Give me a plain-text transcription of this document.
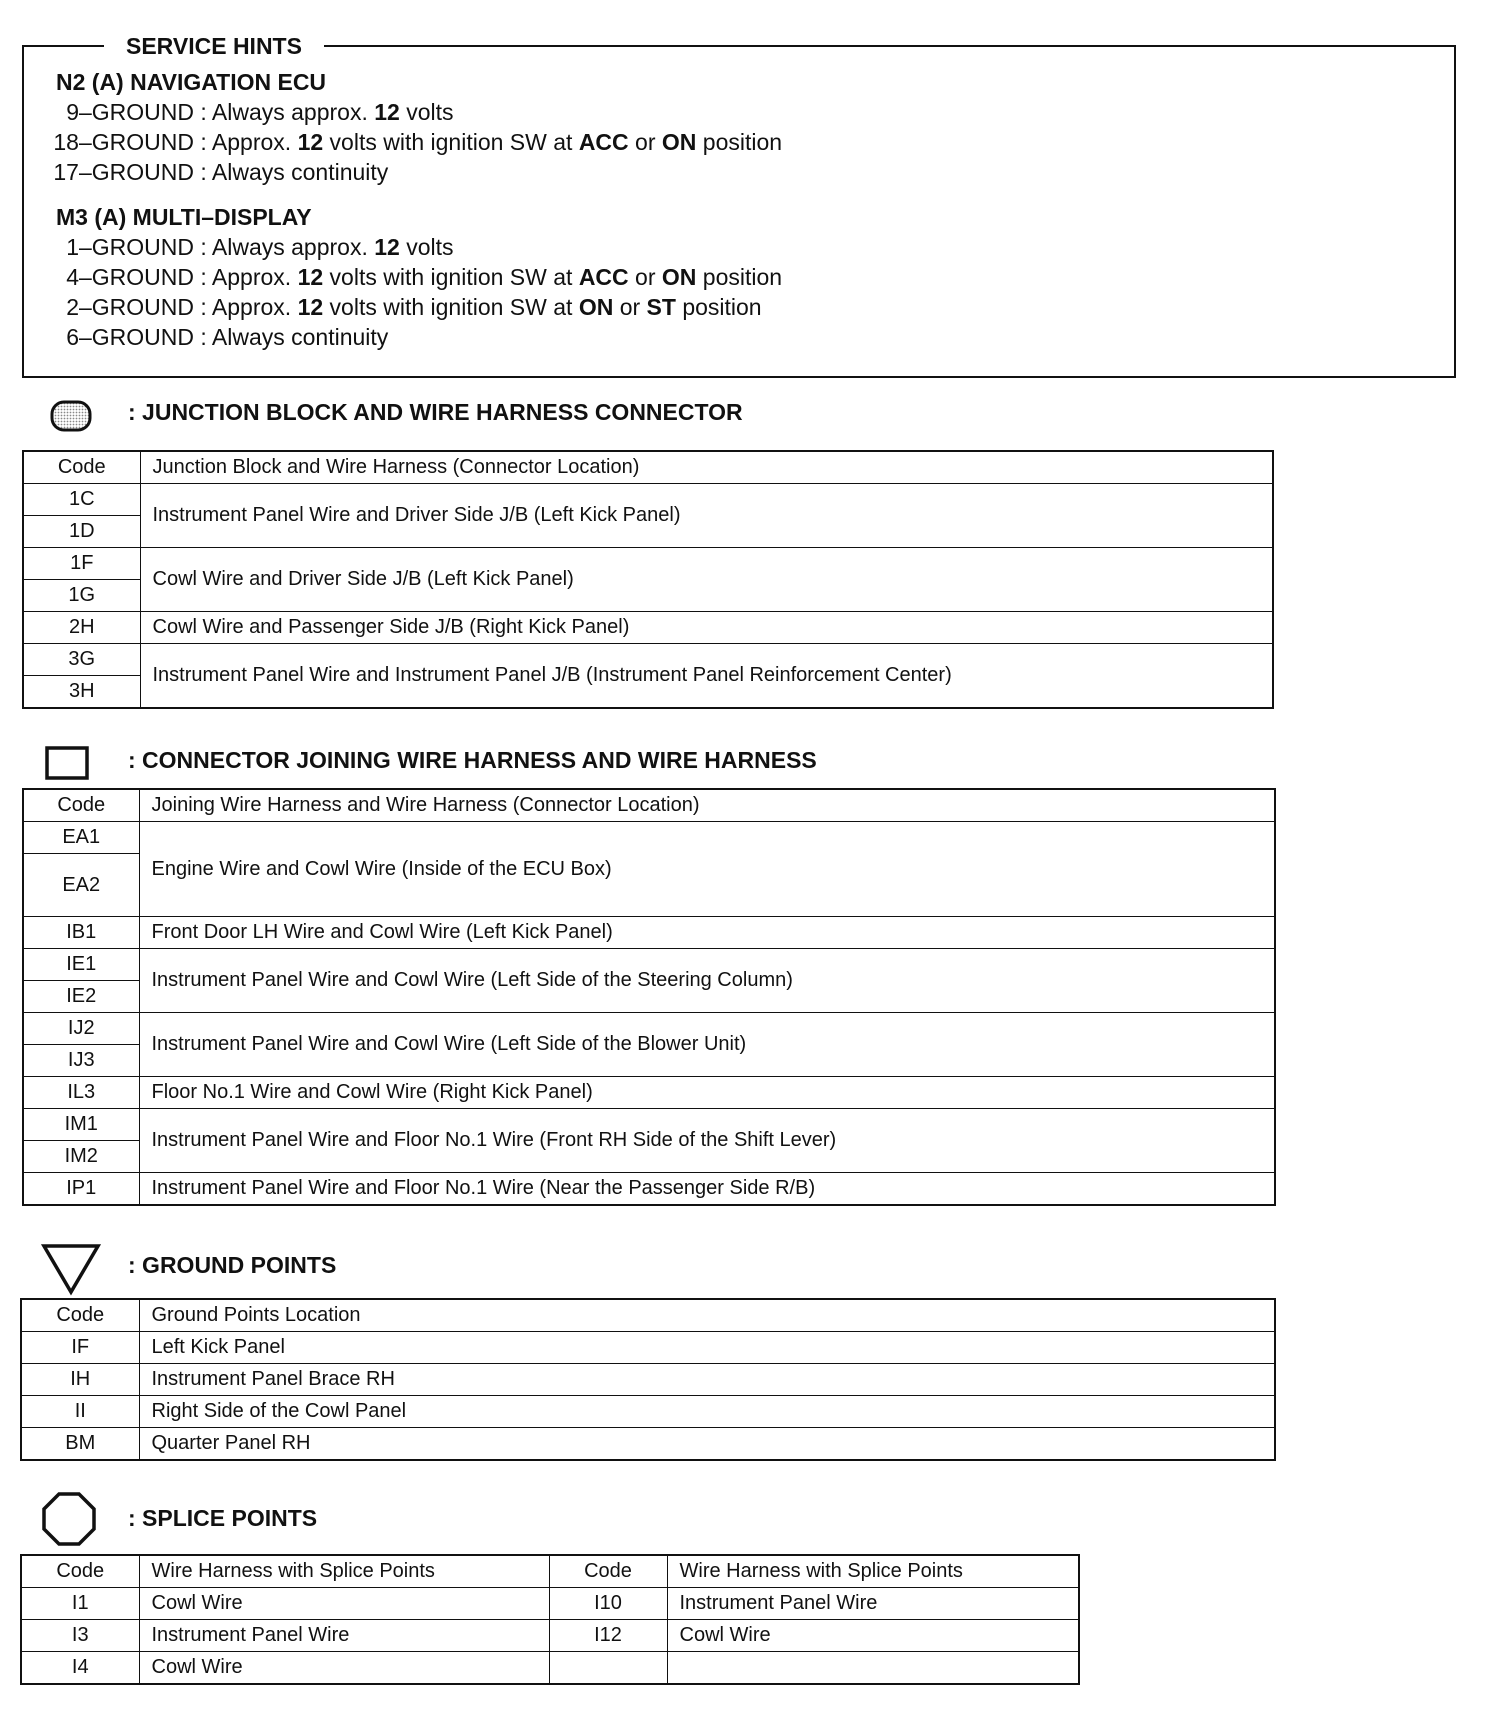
SERVICE HINTS
N2 (A) NAVIGATION ECU
9–GROUND : Always approx. 12 volts
18–GROUND : Approx. 12 volts with ignition SW at ACC or ON position
17–GROUND : Always continuity
M3 (A) MULTI–DISPLAY
1–GROUND : Always approx. 12 volts
4–GROUND : Approx. 12 volts with ignition SW at ACC or ON position
2–GROUND : Approx. 12 volts with ignition SW at ON or ST position
6–GROUND : Always continuity
: JUNCTION BLOCK AND WIRE HARNESS CONNECTOR
Code	Junction Block and Wire Harness (Connector Location)
1C	Instrument Panel Wire and Driver Side J/B (Left Kick Panel)
1D	
1F	Cowl Wire and Driver Side J/B (Left Kick Panel)
1G	
2H	Cowl Wire and Passenger Side J/B (Right Kick Panel)
3G	Instrument Panel Wire and Instrument Panel J/B (Instrument Panel Reinforcement Center)
3H	
: CONNECTOR JOINING WIRE HARNESS AND WIRE HARNESS
Code	Joining Wire Harness and Wire Harness (Connector Location)
EA1	Engine Wire and Cowl Wire (Inside of the ECU Box)
EA2	
IB1	Front Door LH Wire and Cowl Wire (Left Kick Panel)
IE1	Instrument Panel Wire and Cowl Wire (Left Side of the Steering Column)
IE2	
IJ2	Instrument Panel Wire and Cowl Wire (Left Side of the Blower Unit)
IJ3	
IL3	Floor No.1 Wire and Cowl Wire (Right Kick Panel)
IM1	Instrument Panel Wire and Floor No.1 Wire (Front RH Side of the Shift Lever)
IM2	
IP1	Instrument Panel Wire and Floor No.1 Wire (Near the Passenger Side R/B)
: GROUND POINTS
Code	Ground Points Location
IF	Left Kick Panel
IH	Instrument Panel Brace RH
II	Right Side of the Cowl Panel
BM	Quarter Panel RH
: SPLICE POINTS
Code	Wire Harness with Splice Points	Code	Wire Harness with Splice Points
I1	Cowl Wire	I10	Instrument Panel Wire
I3	Instrument Panel Wire	I12	Cowl Wire
I4	Cowl Wire		
